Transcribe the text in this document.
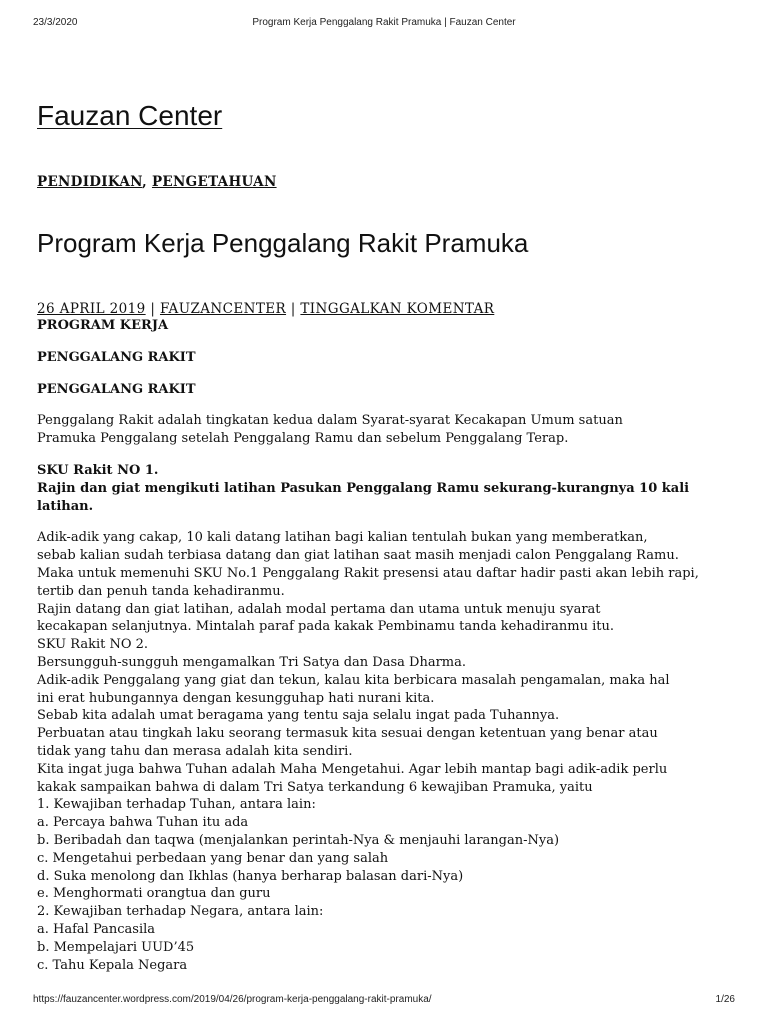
23/3/2020	Program Kerja Penggalang Rakit Pramuka | Fauzan Center
Fauzan Center
PENDIDIKAN, PENGETAHUAN
Program Kerja Penggalang Rakit Pramuka
26 APRIL 2019 | FAUZANCENTER | TINGGALKAN KOMENTAR

PROGRAM KERJA

PENGGALANG RAKIT

PENGGALANG RAKIT

Penggalang Rakit adalah tingkatan kedua dalam Syarat-syarat Kecakapan Umum satuan

Pramuka Penggalang setelah Penggalang Ramu dan sebelum Penggalang Terap.

SKU Rakit NO 1.

Rajin dan giat mengikuti latihan Pasukan Penggalang Ramu sekurang-kurangnya 10 kali latihan.

Adik-adik yang cakap, 10 kali datang latihan bagi kalian tentulah bukan yang memberatkan,

sebab kalian sudah terbiasa datang dan giat latihan saat masih menjadi calon Penggalang Ramu.

Maka untuk memenuhi SKU No.1 Penggalang Rakit presensi atau daftar hadir pasti akan lebih rapi,

tertib dan penuh tanda kehadiranmu.

Rajin datang dan giat latihan, adalah modal pertama dan utama untuk menuju syarat

kecakapan selanjutnya. Mintalah paraf pada kakak Pembinamu tanda kehadiranmu itu.

SKU Rakit NO 2.

Bersungguh-sungguh mengamalkan Tri Satya dan Dasa Dharma.

Adik-adik Penggalang yang giat dan tekun, kalau kita berbicara masalah pengamalan, maka hal

ini erat hubungannya dengan kesungguhap hati nurani kita.

Sebab kita adalah umat beragama yang tentu saja selalu ingat pada Tuhannya.

Perbuatan atau tingkah laku seorang termasuk kita sesuai dengan ketentuan yang benar atau

tidak yang tahu dan merasa adalah kita sendiri.

Kita ingat juga bahwa Tuhan adalah Maha Mengetahui. Agar lebih mantap bagi adik-adik perlu

kakak sampaikan bahwa di dalam Tri Satya terkandung 6 kewajiban Pramuka, yaitu

1. Kewajiban terhadap Tuhan, antara lain:

a. Percaya bahwa Tuhan itu ada

b. Beribadah dan taqwa (menjalankan perintah-Nya & menjauhi larangan-Nya)

c. Mengetahui perbedaan yang benar dan yang salah

d. Suka menolong dan Ikhlas (hanya berharap balasan dari-Nya)

e. Menghormati orangtua dan guru

2. Kewajiban terhadap Negara, antara lain:

a. Hafal Pancasila

b. Mempelajari UUD’45

c. Tahu Kepala Negara

https://fauzancenter.wordpress.com/2019/04/26/program-kerja-penggalang-rakit-pramuka/	1/26
